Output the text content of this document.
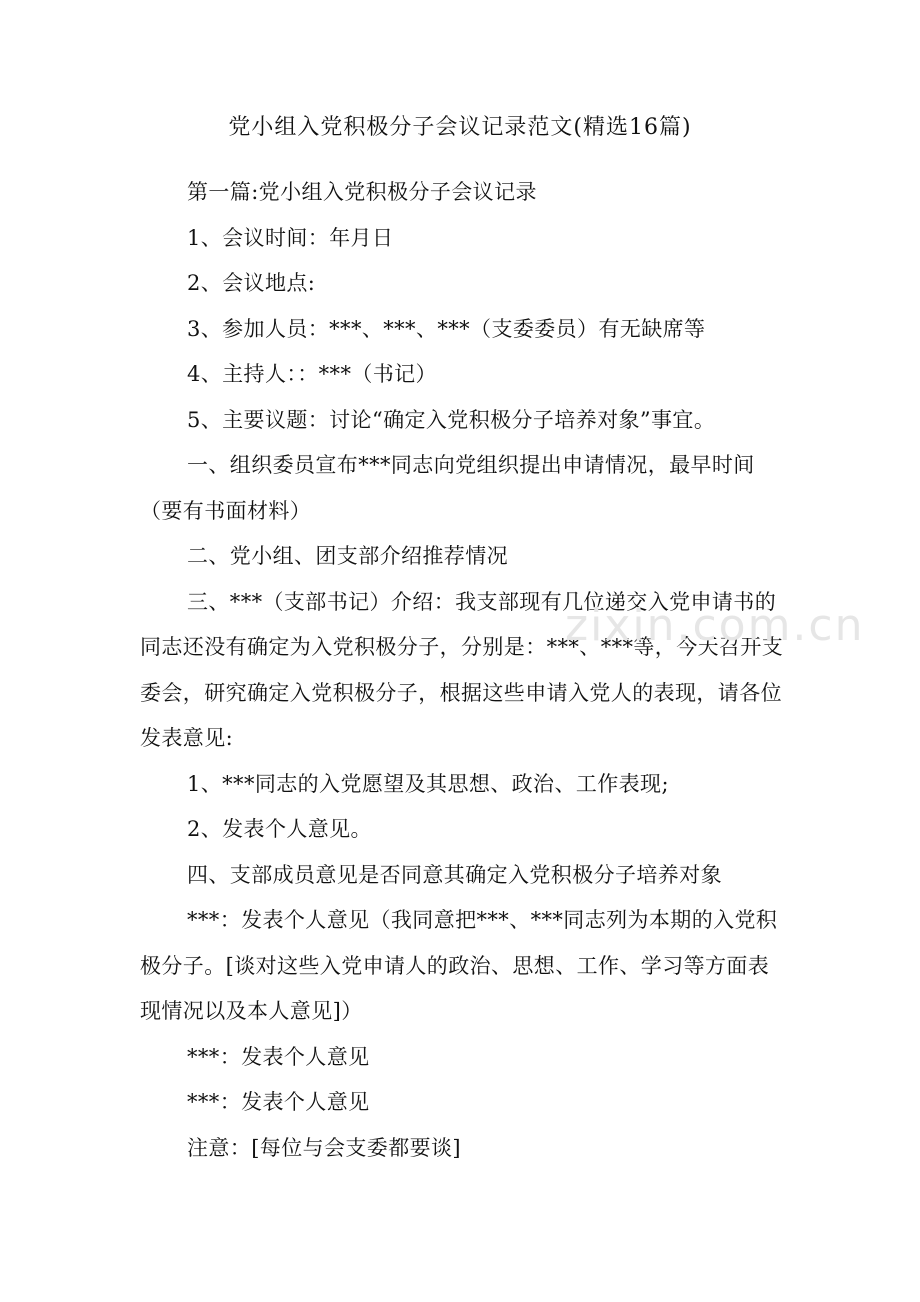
党小组入党积极分子会议记录范文(精选16篇)

第一篇:党小组入党积极分子会议记录

1、会议时间：年月日

2、会议地点:

3、参加人员：***、***、***（支委委员）有无缺席等

4、主持人：：***（书记）

5、主要议题：讨论“确定入党积极分子培养对象”事宜。

一、组织委员宣布***同志向党组织提出申请情况，最早时间（要有书面材料）

二、党小组、团支部介绍推荐情况

三、***（支部书记）介绍：我支部现有几位递交入党申请书的同志还没有确定为入党积极分子，分别是：***、***等，今天召开支委会，研究确定入党积极分子，根据这些申请入党人的表现，请各位发表意见:

1、***同志的入党愿望及其思想、政治、工作表现;

2、发表个人意见。

四、支部成员意见是否同意其确定入党积极分子培养对象

***：发表个人意见（我同意把***、***同志列为本期的入党积极分子。[谈对这些入党申请人的政治、思想、工作、学习等方面表现情况以及本人意见]）

***：发表个人意见

***：发表个人意见

注意：[每位与会支委都要谈]

zixin.com.cn
